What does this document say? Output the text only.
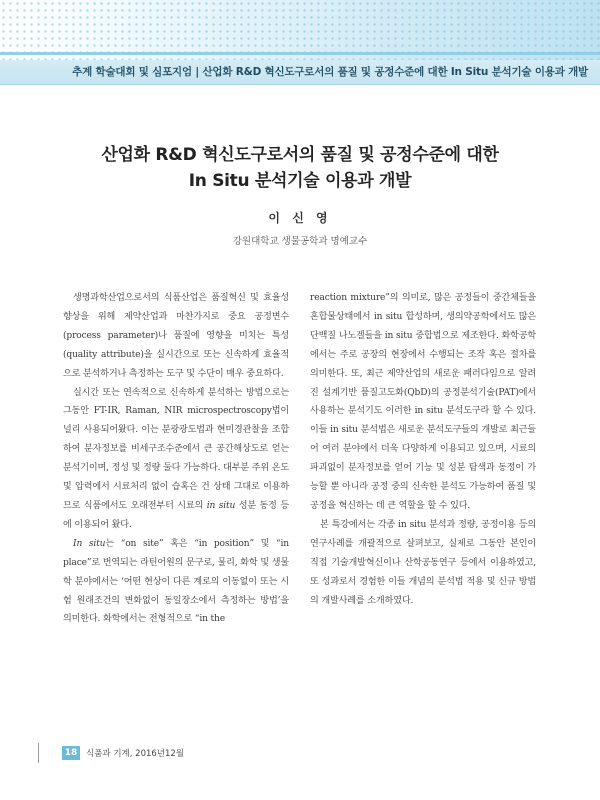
추계 학술대회 및 심포지엄 | 산업화 R&D 혁신도구로서의 품질 및 공정수준에 대한 In Situ 분석기술 이용과 개발
산업화 R&D 혁신도구로서의 품질 및 공정수준에 대한
In Situ 분석기술 이용과 개발
이 신 영
강원대학교 생물공학과 명예교수

생명과학산업으로서의 식품산업은 품질혁신 및 효율성 향상을 위해 제약산업과 마찬가지로 중요 공정변수(process parameter)나 품질에 영향을 미치는 특성(quality attribute)을 실시간으로 또는 신속하게 효율적으로 분석하거나 측정하는 도구 및 수단이 매우 중요하다.

실시간 또는 연속적으로 신속하게 분석하는 방법으로는 그동안 FT-IR, Raman, NIR microspectroscopy법이 널리 사용되어왔다. 이는 분광광도법과 현미경관찰을 조합하여 분자정보를 비세구조수준에서 큰 공간해상도로 얻는 분석기이며, 정성 및 정량 둘다 가능하다. 대부분 주위 온도 및 압력에서 시료처리 없이 습혹은 건 상태 그대로 이용하므로 식품에서도 오래전부터 시료의 in situ 성분 동정 등에 이용되어 왔다.

In situ는 “on site” 혹은 “in position” 및 “in place”로 번역되는 라틴어원의 문구로, 물리, 화학 및 생물학 분야에서는 ‘어떤 현상이 다른 계로의 이동없이 또는 시험 원래조건의 변화없이 동일장소에서 측정하는 방법’을 의미한다. 화학에서는 전형적으로 “in the

reaction mixture”의 의미로, 많은 공정들이 중간체들을 혼합물상태에서 in situ 합성하며, 생의약공학에서도 많은 단백질 나노겔들을 in situ 중합법으로 제조한다. 화학공학에서는 주로 공장의 현장에서 수행되는 조작 혹은 절차를 의미한다. 또, 최근 제약산업의 새로운 패러다임으로 알려진 설계기반 품질고도화(QbD)의 공정분석기술(PAT)에서 사용하는 분석기도 이러한 in situ 분석도구라 할 수 있다. 이들 in situ 분석법은 새로운 분석도구들의 개발로 최근들어 여러 분야에서 더욱 다양하게 이용되고 있으며, 시료의 파괴없이 분자정보를 얻어 기능 및 성분 탐색과 동정이 가능할 뿐 아니라 공정 중의 신속한 분석도 가능하여 품질 및 공정을 혁신하는 데 큰 역할을 할 수 있다.

본 특강에서는 각종 in situ 분석과 정량, 공정이용 등의 연구사례를 개괄적으로 살펴보고, 실제로 그동안 본인이 직접 기술개발혁신이나 산학공동연구 등에서 이용하였고, 또 성과로서 경험한 이들 개념의 분석법 적용 및 신규 방법의 개발사례를 소개하였다.

18	식품과 기계, 2016년12월
